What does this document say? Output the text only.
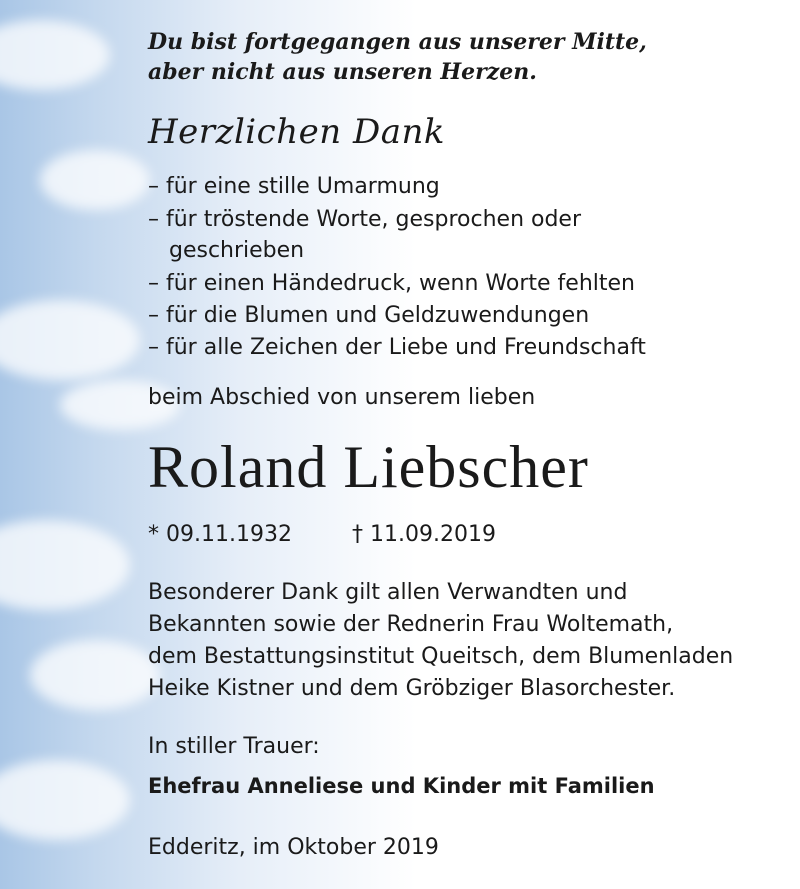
Du bist fortgegangen aus unserer Mitte,

aber nicht aus unseren Herzen.

Herzlichen Dank

– für eine stille Umarmung

– für tröstende Worte, gesprochen oder

geschrieben

– für einen Händedruck, wenn Worte fehlten

– für die Blumen und Geldzuwendungen

– für alle Zeichen der Liebe und Freundschaft

beim Abschied von unserem lieben

Roland Liebscher

* 09.11.1932	† 11.09.2019

Besonderer Dank gilt allen Verwandten und

Bekannten sowie der Rednerin Frau Woltemath,

dem Bestattungsinstitut Queitsch, dem Blumenladen

Heike Kistner und dem Gröbziger Blasorchester.

In stiller Trauer:

Ehefrau Anneliese und Kinder mit Familien

Edderitz, im Oktober 2019
